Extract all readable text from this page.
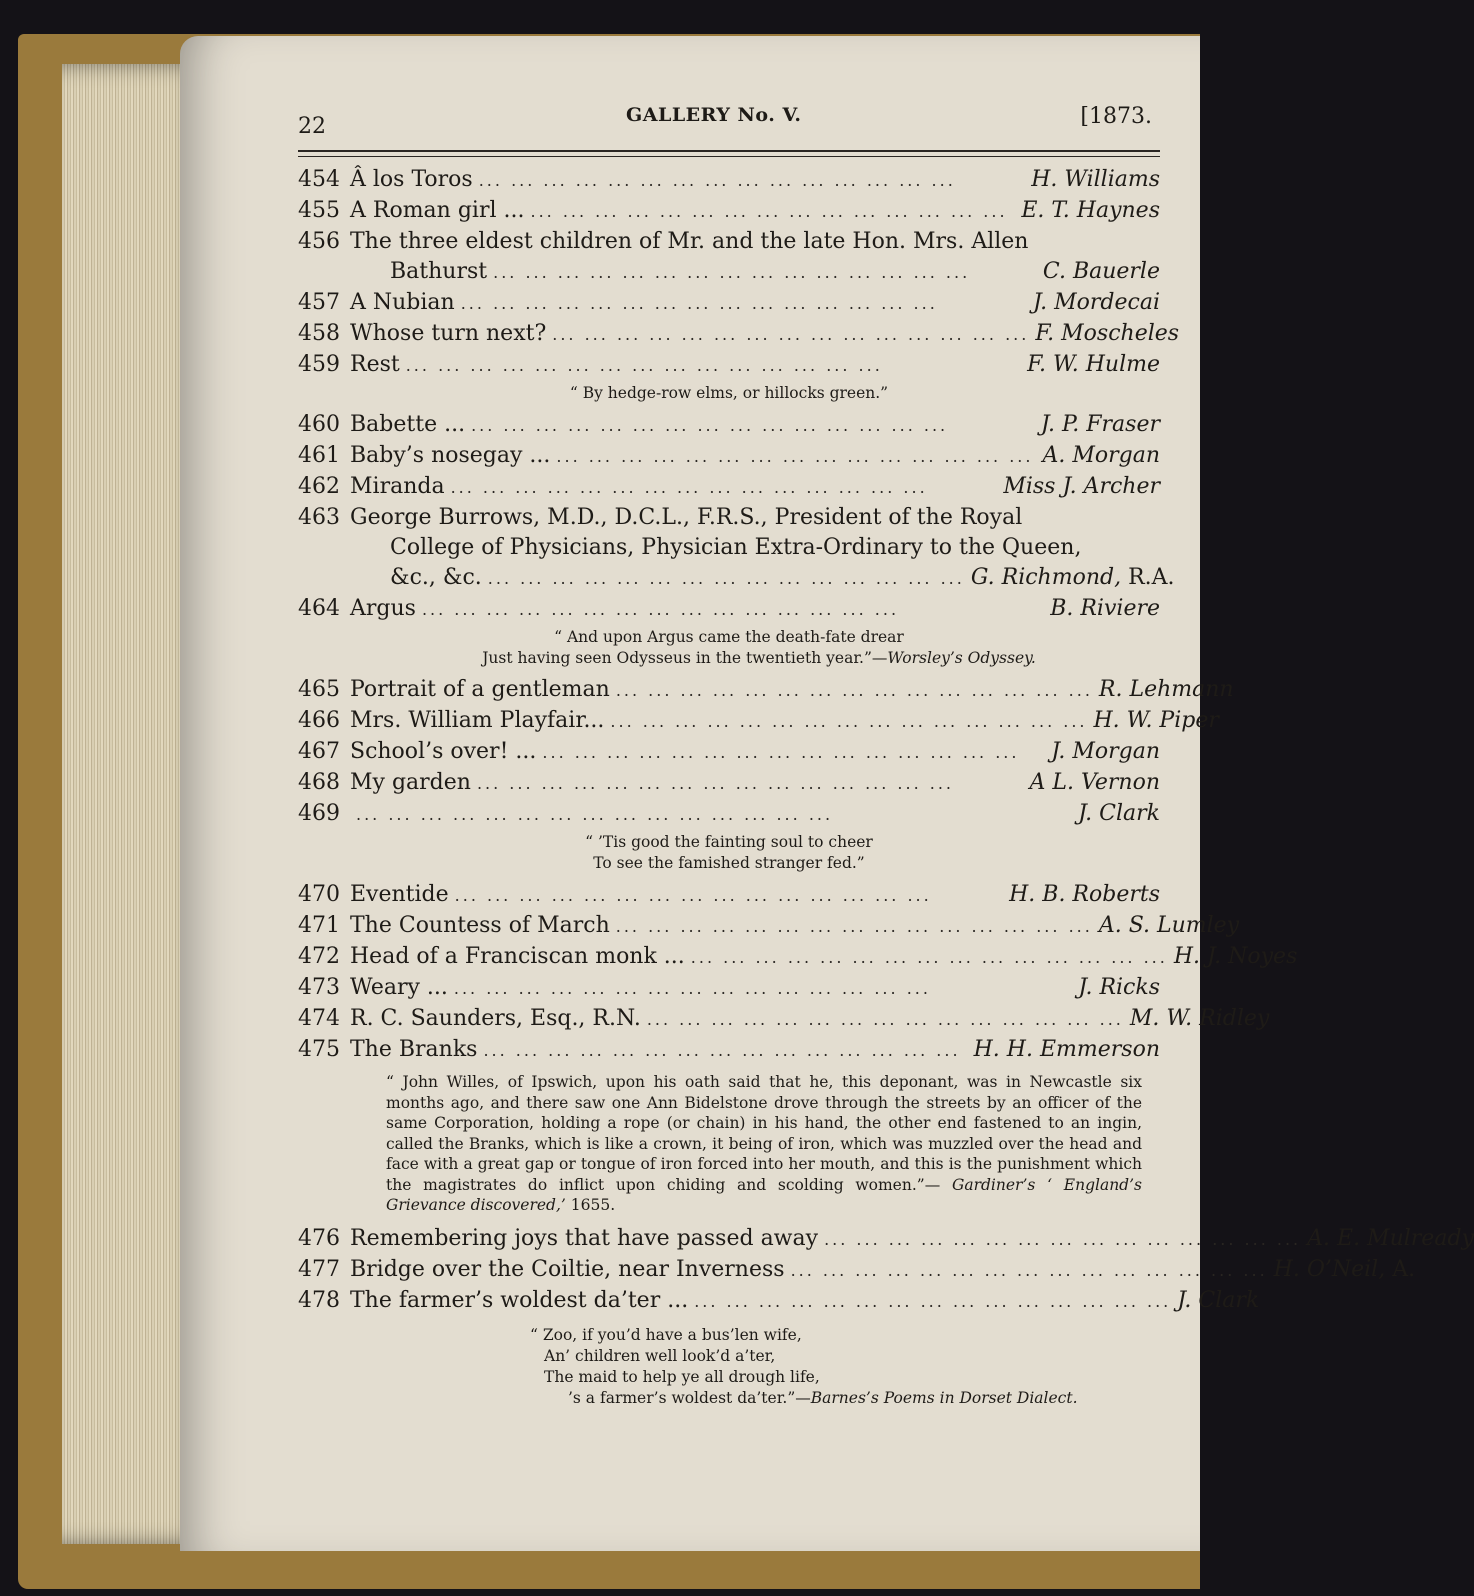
22	GALLERY No. V.	[1873.
454 Â los Toros ... ... ... ... ... ... ... ... ... ... ... ... ... ... ...	H. Williams
455 A Roman girl ... ... ... ... ... ... ... ... ... ... ... ... ... ... ... ... E. T. Haynes
456 The three eldest children of Mr. and the late Hon. Mrs. Allen
Bathurst ... ... ... ... ... ... ... ... ... ... ... ... ... ... ...	C. Bauerle
457 A Nubian ... ... ... ... ... ... ... ... ... ... ... ... ... ... ...	J. Mordecai
458 Whose turn next? ... ... ... ... ... ... ... ... ... ... ... ... ... ... ... F. Moscheles
459 Rest ... ... ... ... ... ... ... ... ... ... ... ... ... ... ...	F. W. Hulme
“ By hedge-row elms, or hillocks green.”
460 Babette ... ... ... ... ... ... ... ... ... ... ... ... ... ... ... ...	J. P. Fraser
461 Baby’s nosegay ... ... ... ... ... ... ... ... ... ... ... ... ... ... ... ... A. Morgan
462 Miranda ... ... ... ... ... ... ... ... ... ... ... ... ... ... ...	Miss J. Archer
463 George Burrows, M.D., D.C.L., F.R.S., President of the Royal
College of Physicians, Physician Extra-Ordinary to the Queen,
&c., &c. ... ... ... ... ... ... ... ... ... ... ... ... ... ... ... G. Richmond, R.A.
464 Argus ... ... ... ... ... ... ... ... ... ... ... ... ... ... ...	B. Riviere
“ And upon Argus came the death-fate drear
Just having seen Odysseus in the twentieth year.”—Worsley’s Odyssey.
465 Portrait of a gentleman ... ... ... ... ... ... ... ... ... ... ... ... ... ... ... R. Lehmann
466 Mrs. William Playfair... ... ... ... ... ... ... ... ... ... ... ... ... ... ... ... H. W. Piper
467 School’s over! ... ... ... ... ... ... ... ... ... ... ... ... ... ... ... ...	J. Morgan
468 My garden ... ... ... ... ... ... ... ... ... ... ... ... ... ... ...	A L. Vernon
469	... ... ... ... ... ... ... ... ... ... ... ... ... ... ...	J. Clark
“ ’Tis good the fainting soul to cheer
To see the famished stranger fed.”
470 Eventide ... ... ... ... ... ... ... ... ... ... ... ... ... ... ...	H. B. Roberts
471 The Countess of March ... ... ... ... ... ... ... ... ... ... ... ... ... ... ... A. S. Lumley
472 Head of a Franciscan monk ... ... ... ... ... ... ... ... ... ... ... ... ... ... ... ... H. J. Noyes
473 Weary ... ... ... ... ... ... ... ... ... ... ... ... ... ... ... ...	J. Ricks
474 R. C. Saunders, Esq., R.N. ... ... ... ... ... ... ... ... ... ... ... ... ... ... ... M. W. Ridley
475 The Branks ... ... ... ... ... ... ... ... ... ... ... ... ... ... ... H. H. Emmerson
“ John Willes, of Ipswich, upon his oath said that he, this deponant, was in Newcastle six months ago, and there saw one Ann Bidelstone drove through the streets by an officer of the same Corporation, holding a rope (or chain) in his hand, the other end fastened to an ingin, called the Branks, which is like a crown, it being of iron, which was muzzled over the head and face with a great gap or tongue of iron forced into her mouth, and this is the punishment which the magistrates do inflict upon chiding and scolding women.”— Gardiner’s ‘ England’s Grievance discovered,’ 1655.
476 Remembering joys that have passed away ... ... ... ... ... ... ... ... ... ... ... ... ... ... ... A. E. Mulready
477 Bridge over the Coiltie, near Inverness ... ... ... ... ... ... ... ... ... ... ... ... ... ... ... H. O’Neil, A.
478 The farmer’s woldest da’ter ... ... ... ... ... ... ... ... ... ... ... ... ... ... ... ... J. Clark
“ Zoo, if you’d have a bus’len wife,
An’ children well look’d a’ter,
The maid to help ye all drough life,
’s a farmer’s woldest da’ter.”—Barnes’s Poems in Dorset Dialect.
